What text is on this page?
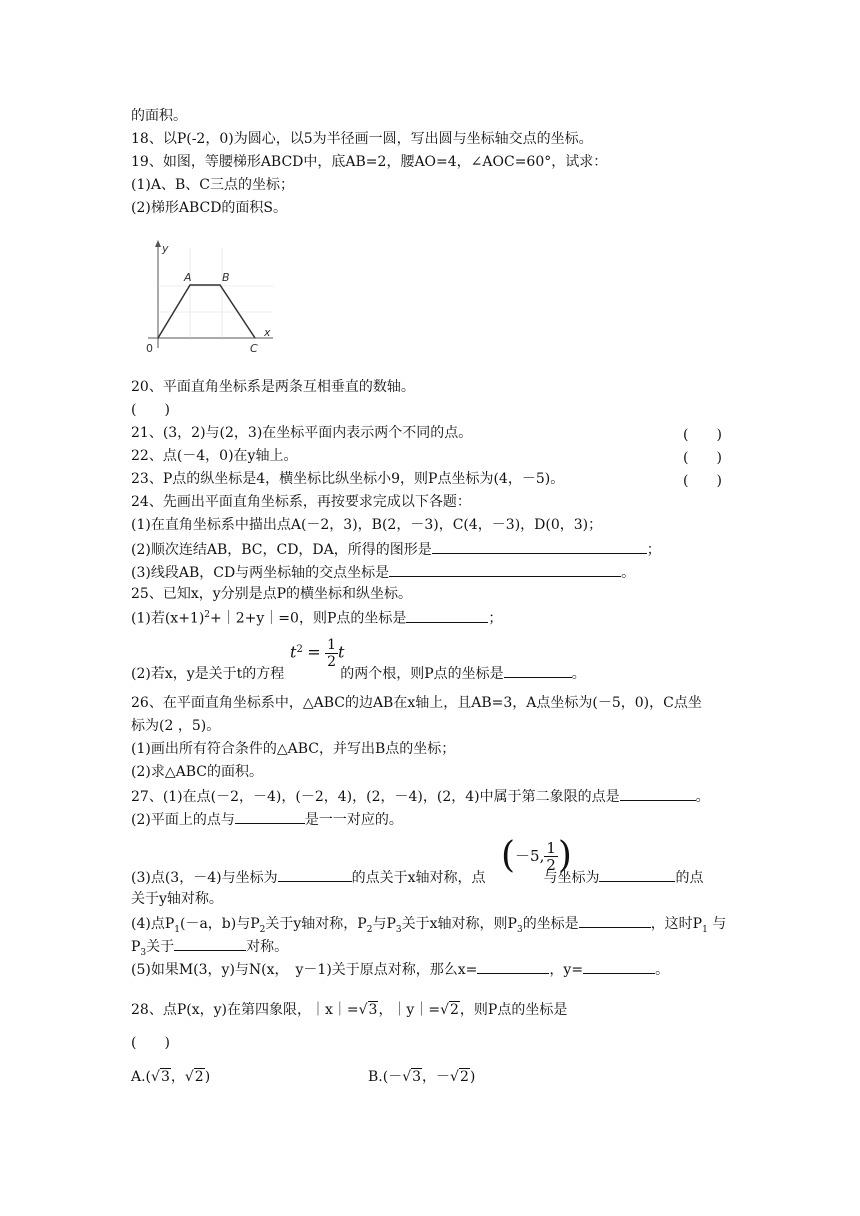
的面积。
18、以P(-2，0)为圆心，以5为半径画一圆，写出圆与坐标轴交点的坐标。
19、如图，等腰梯形ABCD中，底AB=2，腰AO=4，∠AOC=60°，试求：
(1)A、B、C三点的坐标；
(2)梯形ABCD的面积S。
y
x
A	B
0	C
20、平面直角坐标系是两条互相垂直的数轴。
(　　)
21、(3，2)与(2，3)在坐标平面内表示两个不同的点。	(　　)
22、点(－4，0)在y轴上。	(　　)
23、P点的纵坐标是4，横坐标比纵坐标小9，则P点坐标为(4，－5)。	(　　)
24、先画出平面直角坐标系，再按要求完成以下各题：
(1)在直角坐标系中描出点A(－2，3)，B(2，－3)，C(4，－3)，D(0，3)；
(2)顺次连结AB，BC，CD，DA，所得的图形是	；
(3)线段AB，CD与两坐标轴的交点坐标是	。
25、已知x，y分别是点P的横坐标和纵坐标。
(1)若$(x+1)^2+|2+y|=0$，则P点的坐标是	；
$t^2 = \frac{1}{2}$ t
(2)若x，y是关于t的方程	的两个根，则P点的坐标是	。
26、在平面直角坐标系中，△ABC的边AB在x轴上，且AB=3，A点坐标为(－5，0)，C点坐
标为(2 ，5)。
(1)画出所有符合条件的△ABC，并写出B点的坐标；
(2)求△ABC的面积。
27、(1)在点(－2，－4)，(－2，4)，(2，－4)，(2，4)中属于第二象限的点是	。
(2)平面上的点与	是一一对应的。
(－5, $\frac{1}{2}$ )
(3)点(3，－4)与坐标为	的点关于x轴对称，点	与坐标为	的点
关于y轴对称。
(4)点$P_1(-a$，b)与$P_2$关于y轴对称，$P_2$与$P_3$关于x轴对称，则$P_3$的坐标是	，这时$P_1$ 与
$P_3$关于	对称。
(5)如果M(3，y)与N(x，　y－1)关于原点对称，那么x=	，y=	。
28、点P(x，y)在第四象限，｜x｜=√3，｜y｜=√2，则P点的坐标是
(　　)
A.(√3，√2)	B.(－√3，－√2)
